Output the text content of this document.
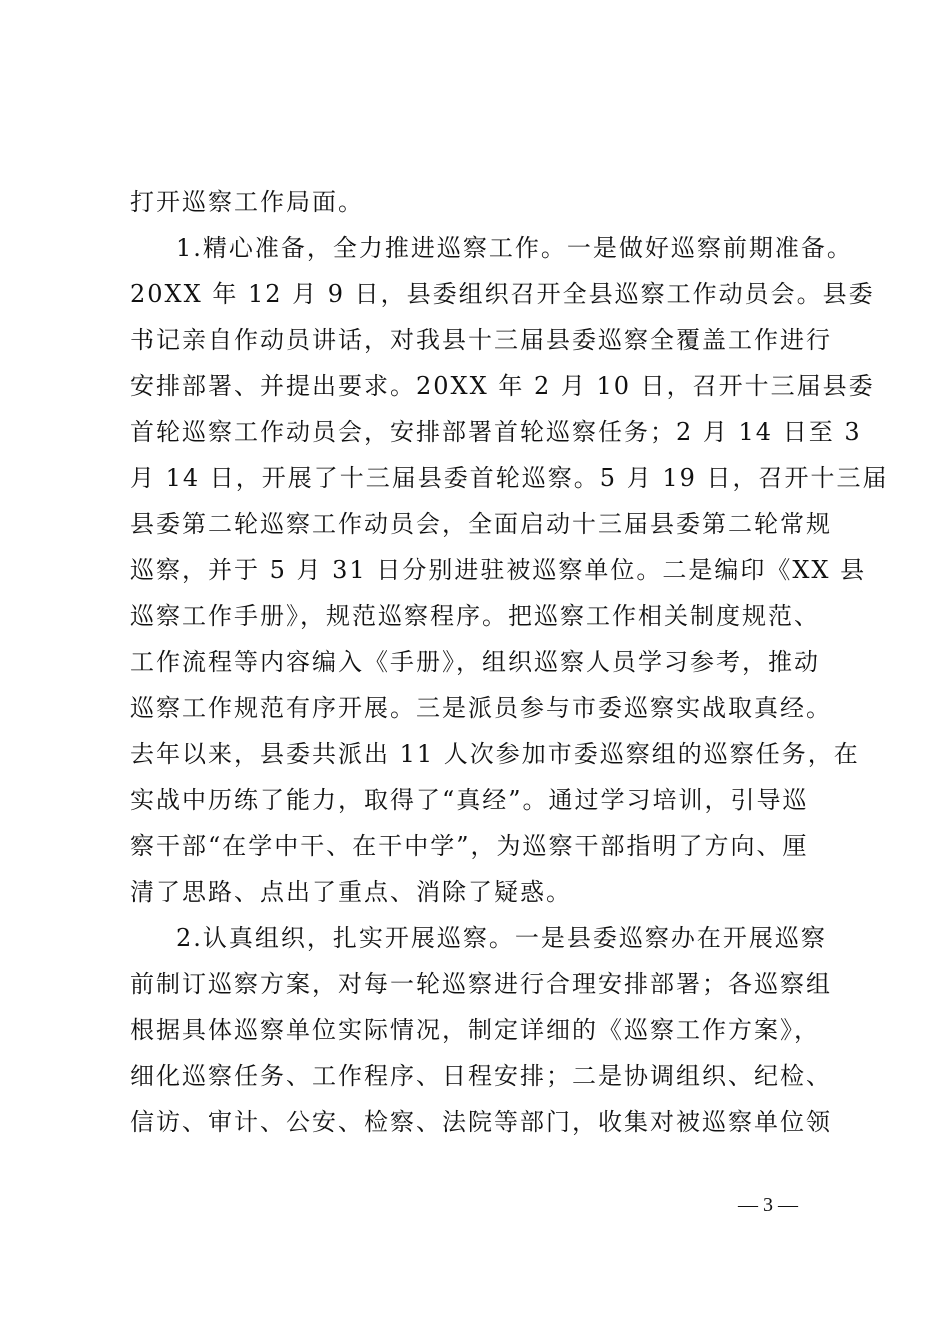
打开巡察工作局面。
1.精心准备，全力推进巡察工作。一是做好巡察前期准备。
20XX 年 12 月 9 日，县委组织召开全县巡察工作动员会。县委
书记亲自作动员讲话，对我县十三届县委巡察全覆盖工作进行
安排部署、并提出要求。20XX 年 2 月 10 日，召开十三届县委
首轮巡察工作动员会，安排部署首轮巡察任务；2 月 14 日至 3
月 14 日，开展了十三届县委首轮巡察。5 月 19 日，召开十三届
县委第二轮巡察工作动员会，全面启动十三届县委第二轮常规
巡察，并于 5 月 31 日分别进驻被巡察单位。二是编印《XX 县
巡察工作手册》，规范巡察程序。把巡察工作相关制度规范、
工作流程等内容编入《手册》，组织巡察人员学习参考，推动
巡察工作规范有序开展。三是派员参与市委巡察实战取真经。
去年以来，县委共派出 11 人次参加市委巡察组的巡察任务，在
实战中历练了能力，取得了“真经”。通过学习培训，引导巡
察干部“在学中干、在干中学”，为巡察干部指明了方向、厘
清了思路、点出了重点、消除了疑惑。
2.认真组织，扎实开展巡察。一是县委巡察办在开展巡察
前制订巡察方案，对每一轮巡察进行合理安排部署；各巡察组
根据具体巡察单位实际情况，制定详细的《巡察工作方案》，
细化巡察任务、工作程序、日程安排；二是协调组织、纪检、
信访、审计、公安、检察、法院等部门，收集对被巡察单位领
— 3 —
